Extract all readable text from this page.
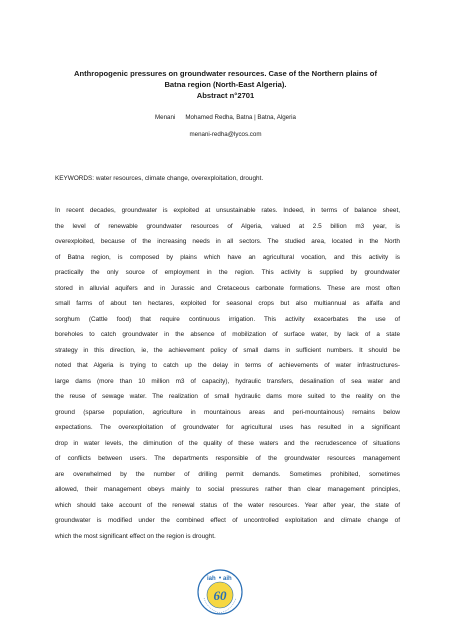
Anthropogenic pressures on groundwater resources. Case of the Northern plains of
Batna region (North-East Algeria).
Abstract n°2701
Menani Mohamed Redha, Batna | Batna, Algeria
menani-redha@lycos.com
KEYWORDS: water resources, climate change, overexploitation, drought.
In recent decades, groundwater is exploited at unsustainable rates. Indeed, in terms of balance sheet,
the level of renewable groundwater resources of Algeria, valued at 2.5 billion m3 year, is
overexploited, because of the increasing needs in all sectors. The studied area, located in the North
of Batna region, is composed by plains which have an agricultural vocation, and this activity is
practically the only source of employment in the region. This activity is supplied by groundwater
stored in alluvial aquifers and in Jurassic and Cretaceous carbonate formations. These are most often
small farms of about ten hectares, exploited for seasonal crops but also multiannual as alfalfa and
sorghum (Cattle food) that require continuous irrigation. This activity exacerbates the use of
boreholes to catch groundwater in the absence of mobilization of surface water, by lack of a state
strategy in this direction, ie, the achievement policy of small dams in sufficient numbers. It should be
noted that Algeria is trying to catch up the delay in terms of achievements of water infrastructures-
large dams (more than 10 million m3 of capacity), hydraulic transfers, desalination of sea water and
the reuse of sewage water. The realization of small hydraulic dams more suited to the reality on the
ground (sparse population, agriculture in mountainous areas and peri-mountainous) remains below
expectations. The overexploitation of groundwater for agricultural uses has resulted in a significant
drop in water levels, the diminution of the quality of these waters and the recrudescence of situations
of conflicts between users. The departments responsible of the groundwater resources management
are overwhelmed by the number of drilling permit demands. Sometimes prohibited, sometimes
allowed, their management obeys mainly to social pressures rather than clear management principles,
which should take account of the renewal status of the water resources. Year after year, the state of
groundwater is modified under the combined effect of uncontrolled exploitation and climate change of
which the most significant effect on the region is drought.
iah aih
60
